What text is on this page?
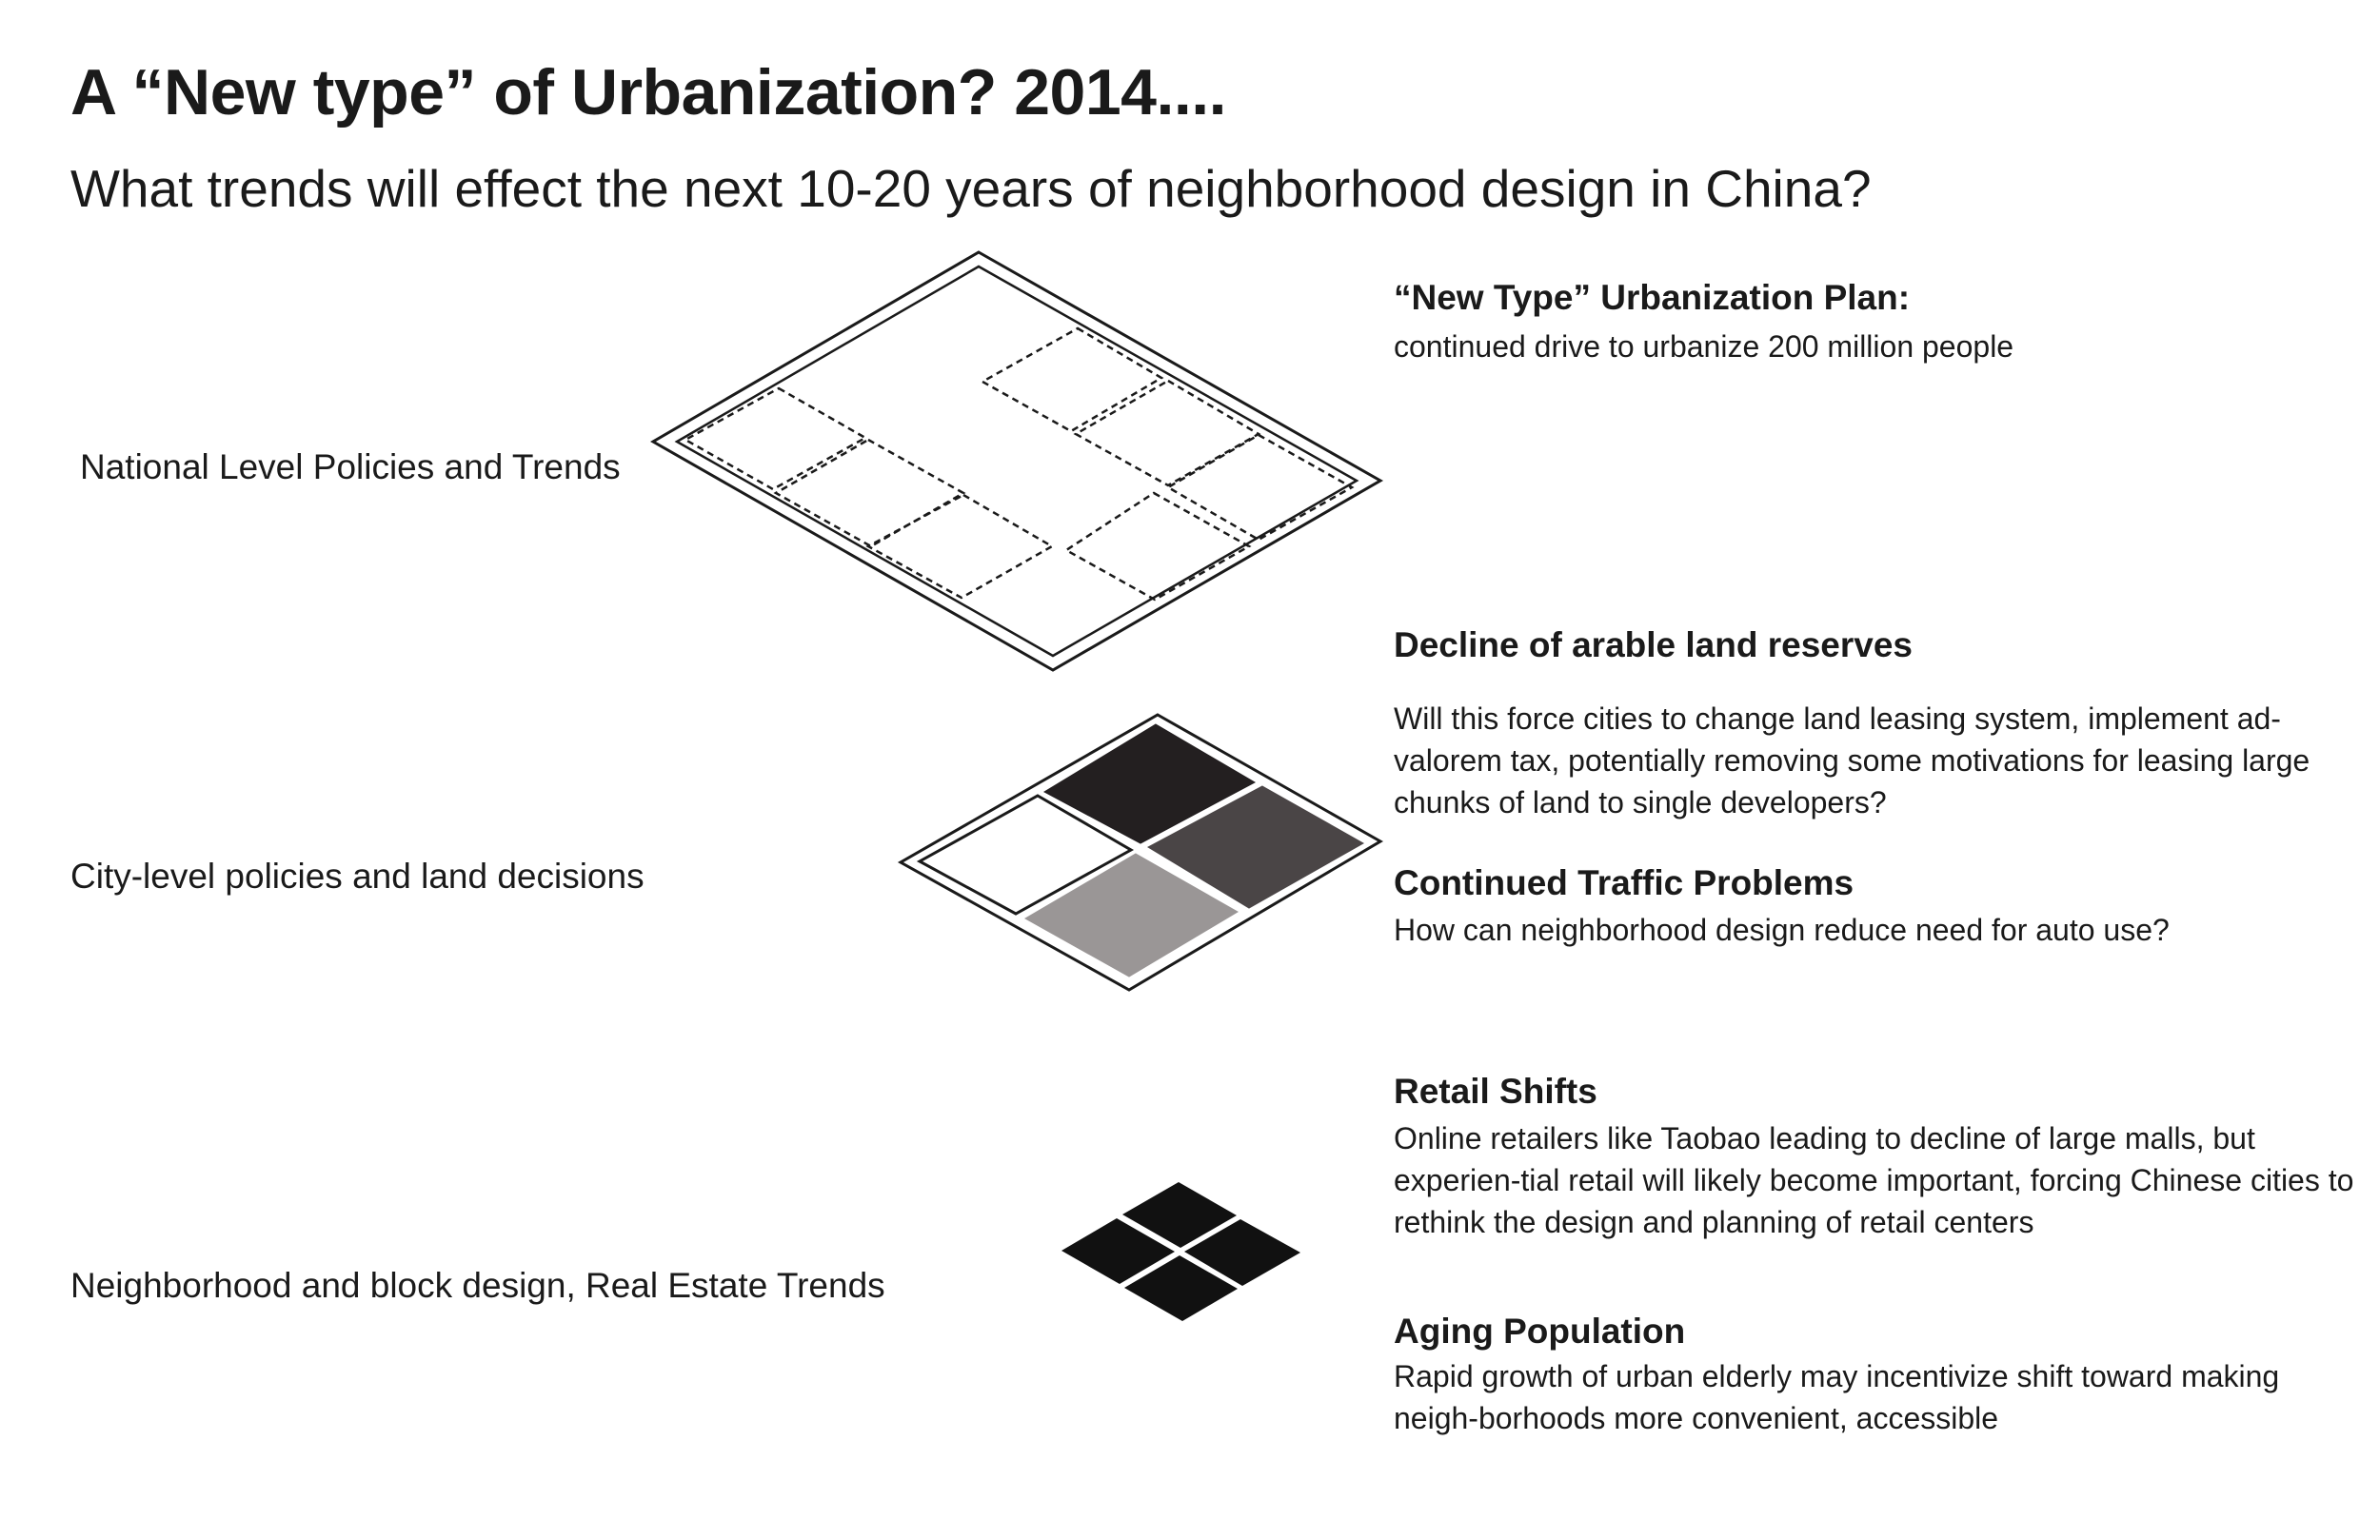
A “New type” of Urbanization? 2014....
What trends will effect the next 10-20 years of neighborhood design in China?
National Level Policies and Trends
City-level policies and land decisions
Neighborhood and block design, Real Estate Trends
“New Type” Urbanization Plan:

continued drive to urbanize 200 million people

Decline of arable land reserves

Will this force cities to change land leasing system, implement ad-valorem tax, potentially removing some motivations for leasing large chunks of land to single developers?

Continued Traffic Problems

How can neighborhood design reduce need for auto use?

Retail Shifts

Online retailers like Taobao leading to decline of large malls, but experien-tial retail will likely become important, forcing Chinese cities to rethink the design and planning of retail centers

Aging Population

Rapid growth of urban elderly may incentivize shift toward making neigh-borhoods more convenient, accessible
